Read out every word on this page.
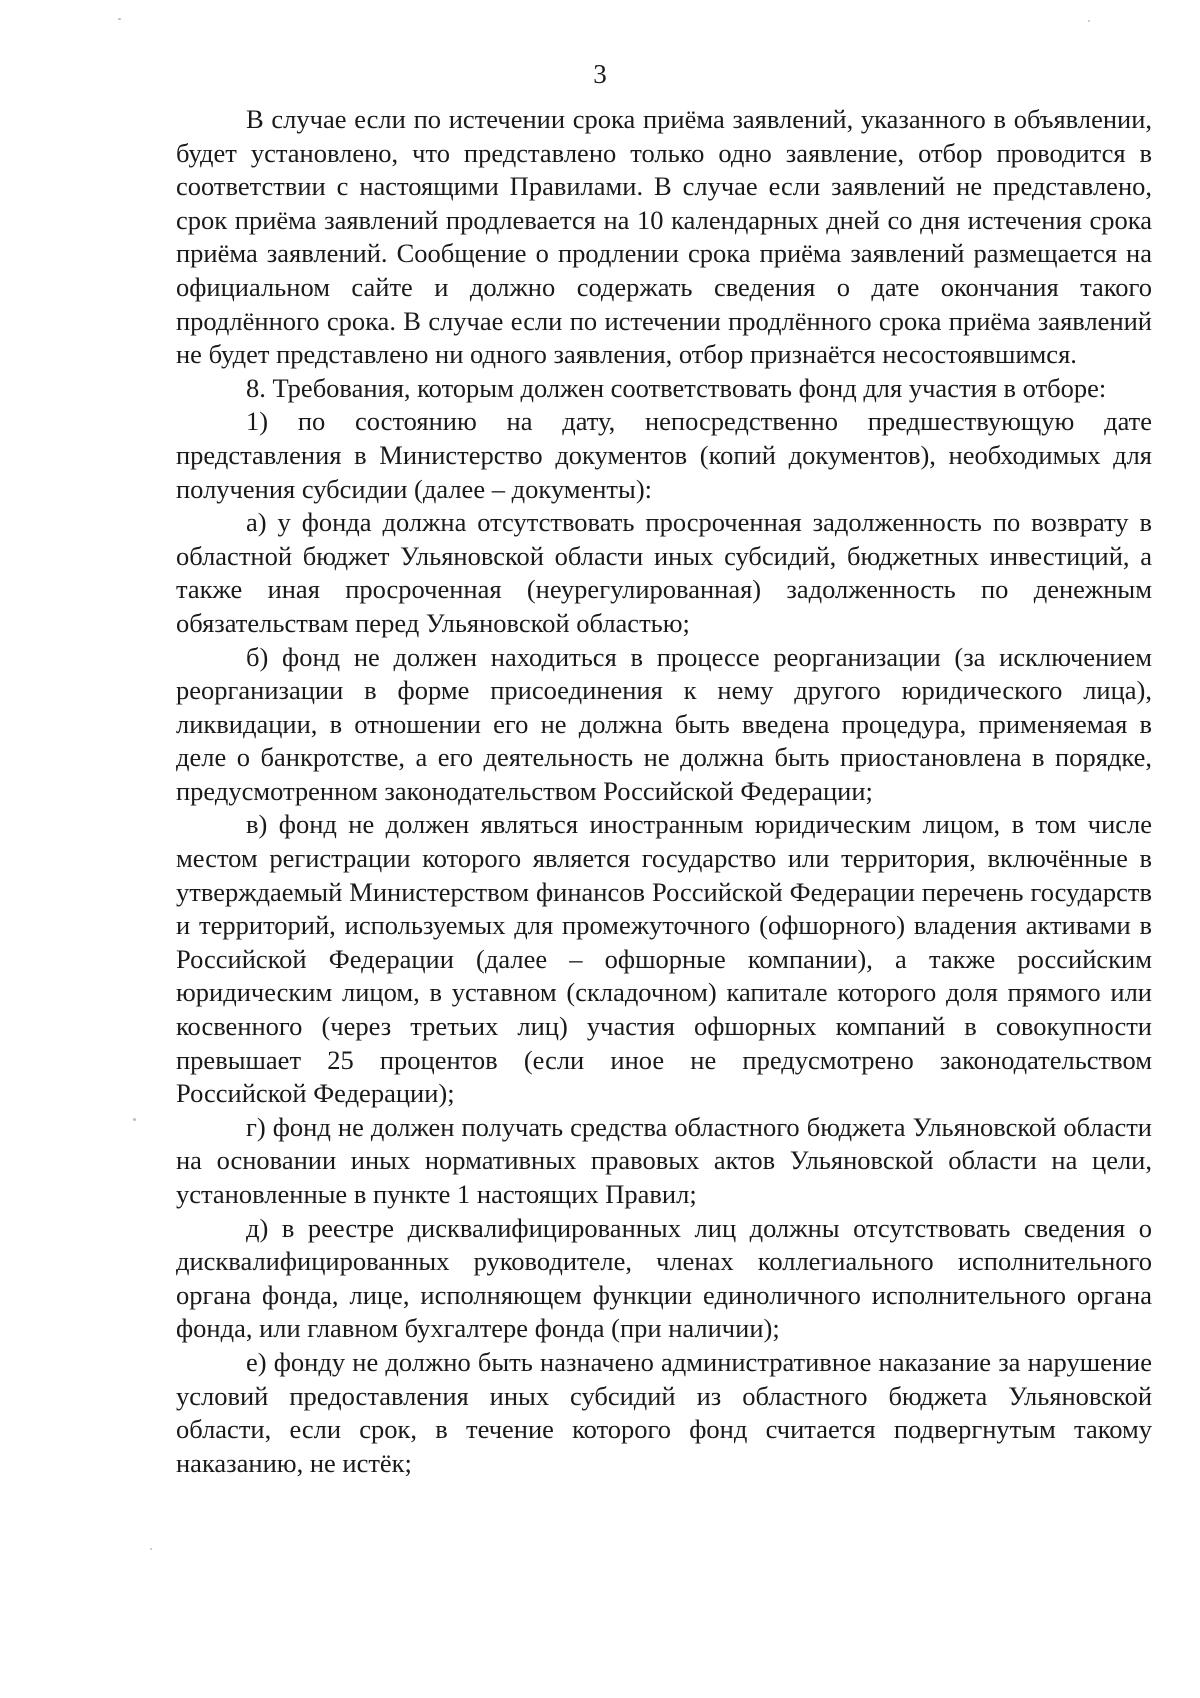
3

В случае если по истечении срока приёма заявлений, указанного в объявлении, будет установлено, что представлено только одно заявление, отбор проводится в соответствии с настоящими Правилами. В случае если заявлений не представлено, срок приёма заявлений продлевается на 10 календарных дней со дня истечения срока приёма заявлений. Сообщение о продлении срока приёма заявлений размещается на официальном сайте и должно содержать сведения о дате окончания такого продлённого срока. В случае если по истечении продлённого срока приёма заявлений не будет представлено ни одного заявления, отбор признаётся несостоявшимся.

8. Требования, которым должен соответствовать фонд для участия в отборе:

1) по состоянию на дату, непосредственно предшествующую дате представления в Министерство документов (копий документов), необходимых для получения субсидии (далее – документы):

а) у фонда должна отсутствовать просроченная задолженность по возврату в областной бюджет Ульяновской области иных субсидий, бюджетных инвестиций, а также иная просроченная (неурегулированная) задолженность по денежным обязательствам перед Ульяновской областью;

б) фонд не должен находиться в процессе реорганизации (за исключением реорганизации в форме присоединения к нему другого юридического лица), ликвидации, в отношении его не должна быть введена процедура, применяемая в деле о банкротстве, а его деятельность не должна быть приостановлена в порядке, предусмотренном законодательством Российской Федерации;

в) фонд не должен являться иностранным юридическим лицом, в том числе местом регистрации которого является государство или территория, включённые в утверждаемый Министерством финансов Российской Федерации перечень государств и территорий, используемых для промежуточного (офшорного) владения активами в Российской Федерации (далее – офшорные компании), а также российским юридическим лицом, в уставном (складочном) капитале которого доля прямого или косвенного (через третьих лиц) участия офшорных компаний в совокупности превышает 25 процентов (если иное не предусмотрено законодательством Российской Федерации);

г) фонд не должен получать средства областного бюджета Ульяновской области на основании иных нормативных правовых актов Ульяновской области на цели, установленные в пункте 1 настоящих Правил;

д) в реестре дисквалифицированных лиц должны отсутствовать сведения о дисквалифицированных руководителе, членах коллегиального исполнительного органа фонда, лице, исполняющем функции единоличного исполнительного органа фонда, или главном бухгалтере фонда (при наличии);

е) фонду не должно быть назначено административное наказание за нарушение условий предоставления иных субсидий из областного бюджета Ульяновской области, если срок, в течение которого фонд считается подвергнутым такому наказанию, не истёк;
